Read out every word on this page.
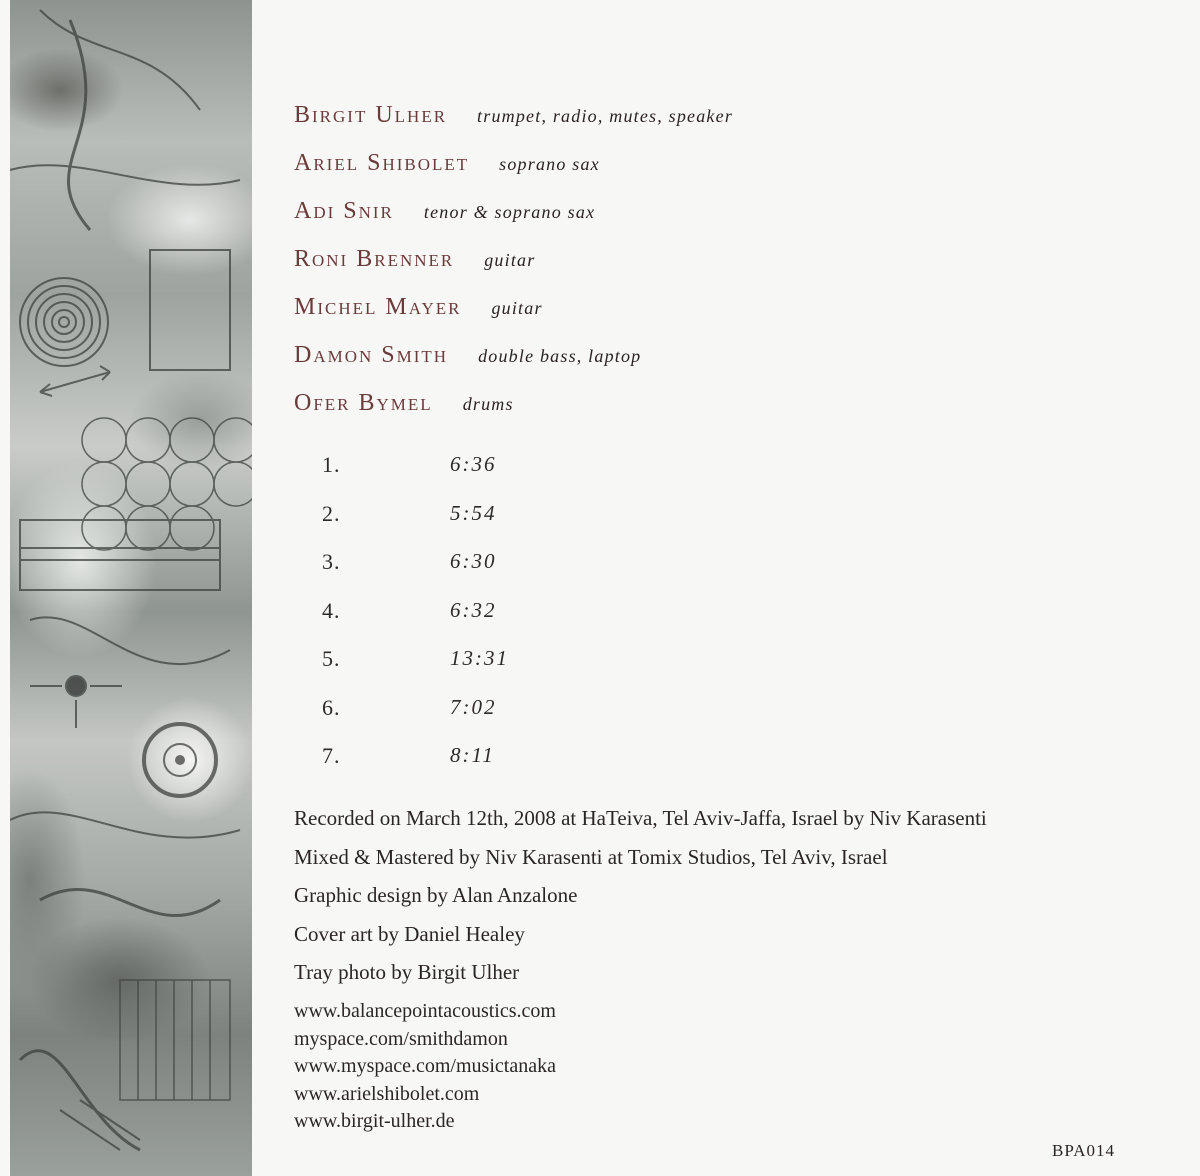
Birgit Ulher trumpet, radio, mutes, speaker
Ariel Shibolet soprano sax
Adi Snir tenor & soprano sax
Roni Brenner guitar
Michel Mayer guitar
Damon Smith double bass, laptop
Ofer Bymel drums
1.	6:36
2.	5:54
3.	6:30
4.	6:32
5.	13:31
6.	7:02
7.	8:11
Recorded on March 12th, 2008 at HaTeiva, Tel Aviv-Jaffa, Israel by Niv Karasenti
Mixed & Mastered by Niv Karasenti at Tomix Studios, Tel Aviv, Israel
Graphic design by Alan Anzalone
Cover art by Daniel Healey
Tray photo by Birgit Ulher
www.balancepointacoustics.com
myspace.com/smithdamon
www.myspace.com/musictanaka
www.arielshibolet.com
www.birgit-ulher.de
BPA014
